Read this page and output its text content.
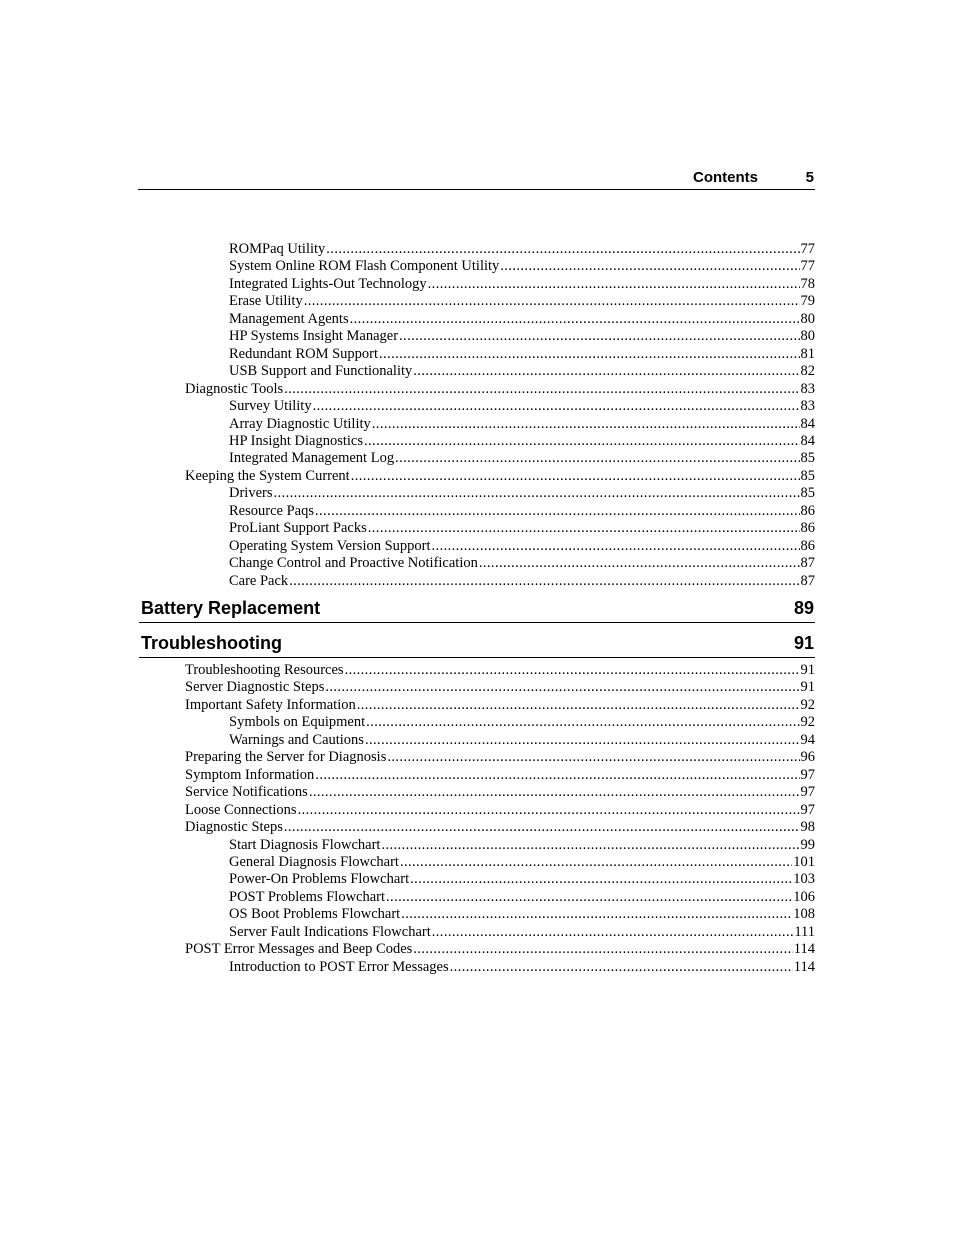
Contents	5
ROMPaq Utility .....	77
System Online ROM Flash Component Utility .....	77
Integrated Lights-Out Technology .....	78
Erase Utility .....	79
Management Agents .....	80
HP Systems Insight Manager .....	80
Redundant ROM Support .....	81
USB Support and Functionality .....	82
Diagnostic Tools .....	83
Survey Utility .....	83
Array Diagnostic Utility .....	84
HP Insight Diagnostics .....	84
Integrated Management Log .....	85
Keeping the System Current .....	85
Drivers .....	85
Resource Paqs .....	86
ProLiant Support Packs .....	86
Operating System Version Support .....	86
Change Control and Proactive Notification .....	87
Care Pack .....	87
Battery Replacement	89
Troubleshooting	91
Troubleshooting Resources .....	91
Server Diagnostic Steps .....	91
Important Safety Information .....	92
Symbols on Equipment .....	92
Warnings and Cautions .....	94
Preparing the Server for Diagnosis .....	96
Symptom Information .....	97
Service Notifications .....	97
Loose Connections .....	97
Diagnostic Steps .....	98
Start Diagnosis Flowchart .....	99
General Diagnosis Flowchart .....	101
Power-On Problems Flowchart .....	103
POST Problems Flowchart .....	106
OS Boot Problems Flowchart .....	108
Server Fault Indications Flowchart .....	111
POST Error Messages and Beep Codes .....	114
Introduction to POST Error Messages .....	114
